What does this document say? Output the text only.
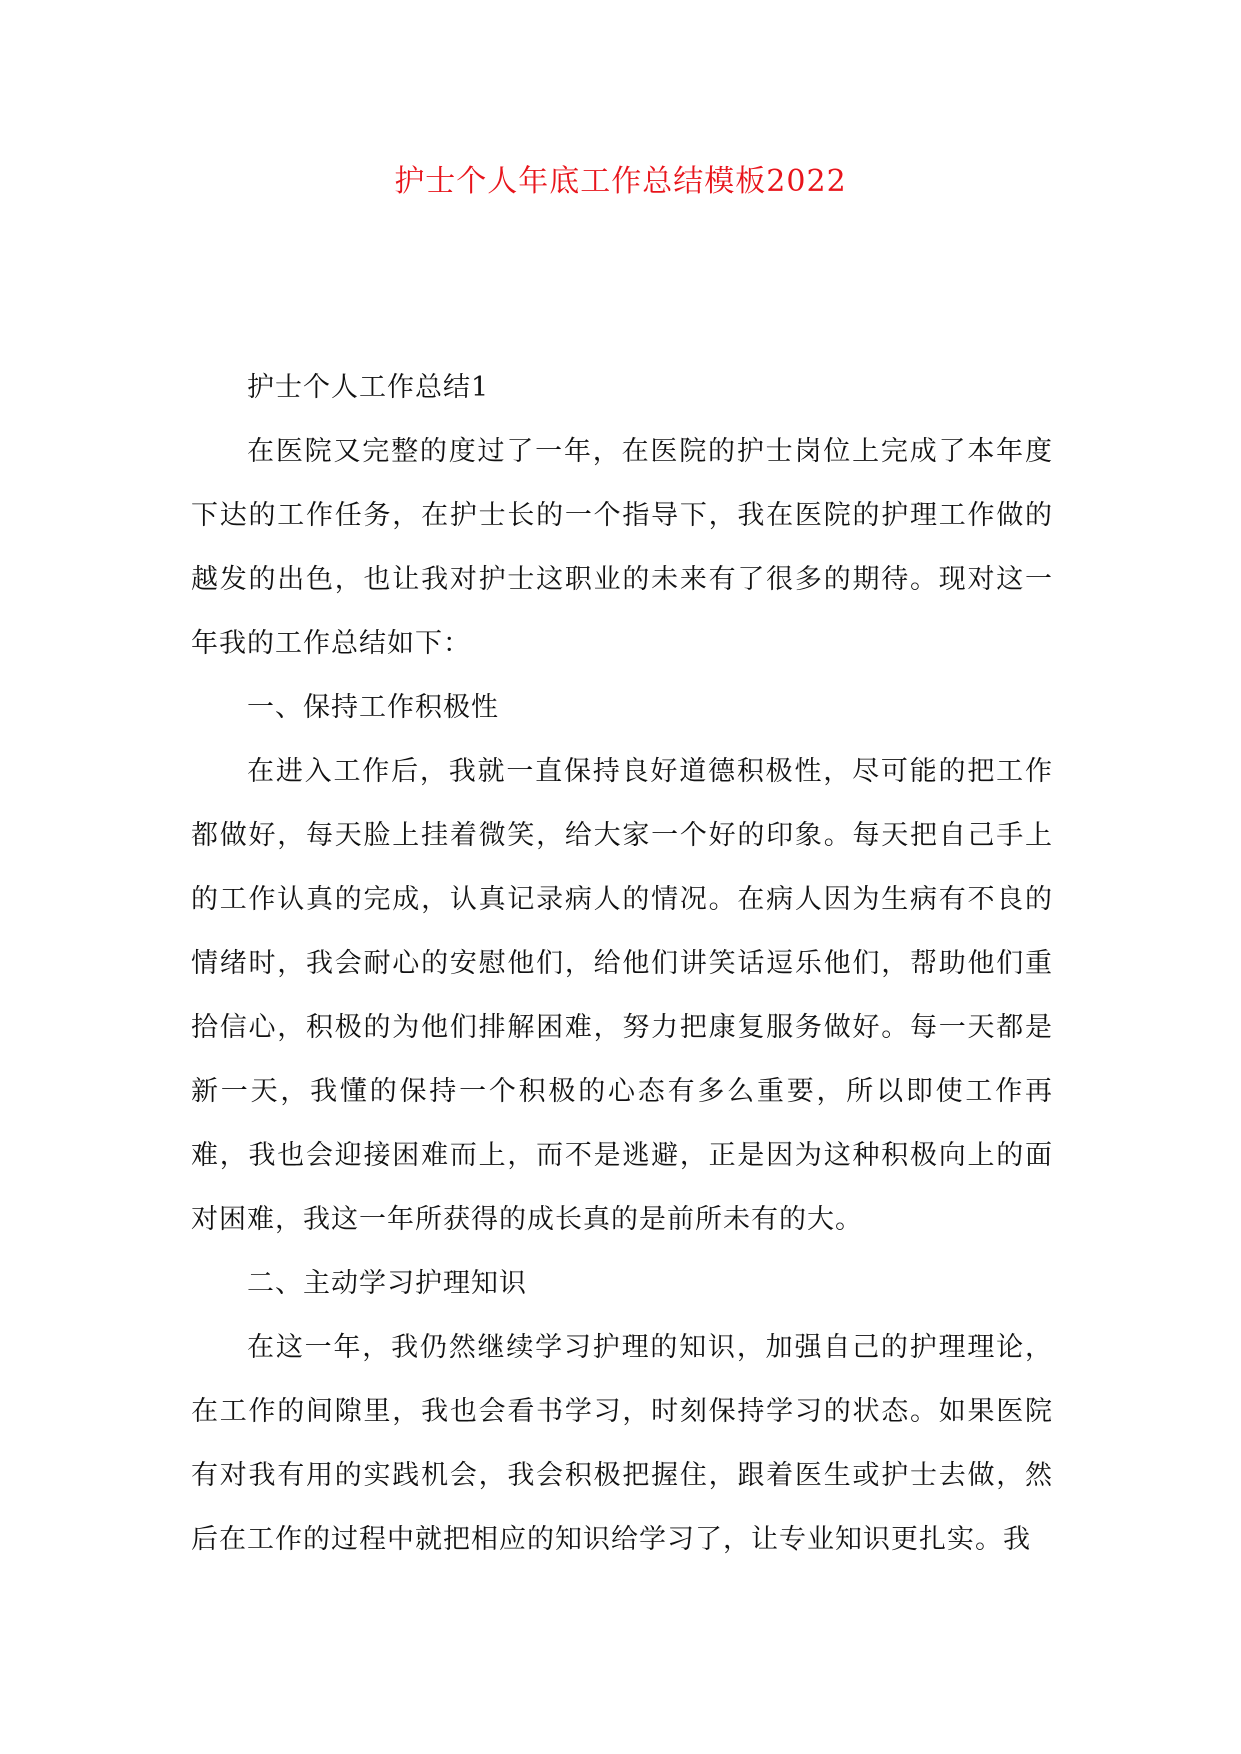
护士个人年底工作总结模板2022

护士个人工作总结1

在医院又完整的度过了一年，在医院的护士岗位上完成了本年度下达的工作任务，在护士长的一个指导下，我在医院的护理工作做的越发的出色，也让我对护士这职业的未来有了很多的期待。现对这一年我的工作总结如下：

一、保持工作积极性

在进入工作后，我就一直保持良好道德积极性，尽可能的把工作都做好，每天脸上挂着微笑，给大家一个好的印象。每天把自己手上的工作认真的完成，认真记录病人的情况。在病人因为生病有不良的情绪时，我会耐心的安慰他们，给他们讲笑话逗乐他们，帮助他们重拾信心，积极的为他们排解困难，努力把康复服务做好。每一天都是新一天，我懂的保持一个积极的心态有多么重要，所以即使工作再难，我也会迎接困难而上，而不是逃避，正是因为这种积极向上的面对困难，我这一年所获得的成长真的是前所未有的大。

二、主动学习护理知识

在这一年，我仍然继续学习护理的知识，加强自己的护理理论，在工作的间隙里，我也会看书学习，时刻保持学习的状态。如果医院有对我有用的实践机会，我会积极把握住，跟着医生或护士去做，然后在工作的过程中就把相应的知识给学习了，让专业知识更扎实。我
